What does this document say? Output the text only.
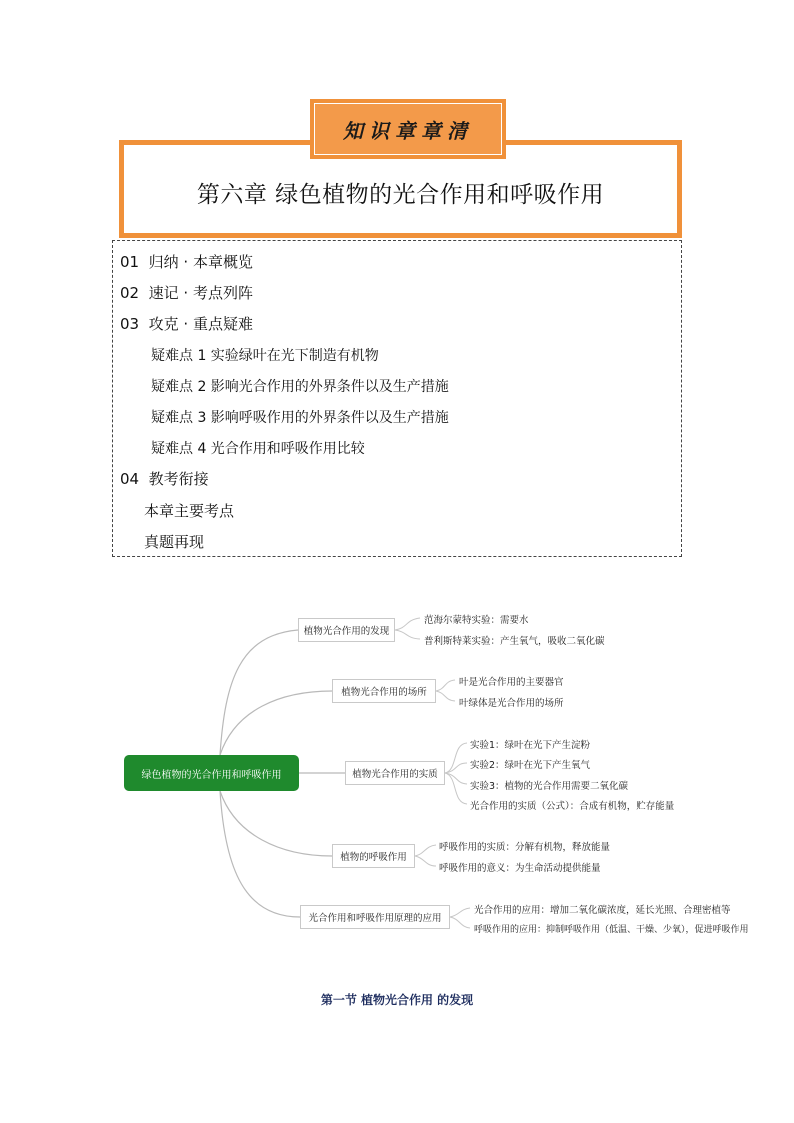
知识章章清
第六章 绿色植物的光合作用和呼吸作用
01 归纳 · 本章概览
02 速记 · 考点列阵
03 攻克 · 重点疑难
疑难点 1 实验绿叶在光下制造有机物
疑难点 2 影响光合作用的外界条件以及生产措施
疑难点 3 影响呼吸作用的外界条件以及生产措施
疑难点 4 光合作用和呼吸作用比较
04 教考衔接
本章主要考点
真题再现
绿色植物的光合作用和呼吸作用
植物光合作用的发现
植物光合作用的场所
植物光合作用的实质
植物的呼吸作用
光合作用和呼吸作用原理的应用
范海尔蒙特实验：需要水
普利斯特莱实验：产生氧气，吸收二氧化碳
叶是光合作用的主要器官
叶绿体是光合作用的场所
实验1：绿叶在光下产生淀粉
实验2：绿叶在光下产生氧气
实验3：植物的光合作用需要二氧化碳
光合作用的实质（公式）：合成有机物，贮存能量
呼吸作用的实质：分解有机物，释放能量
呼吸作用的意义：为生命活动提供能量
光合作用的应用：增加二氧化碳浓度，延长光照、合理密植等
呼吸作用的应用：抑制呼吸作用（低温、干燥、少氧），促进呼吸作用
第一节 植物光合作用 的发现
